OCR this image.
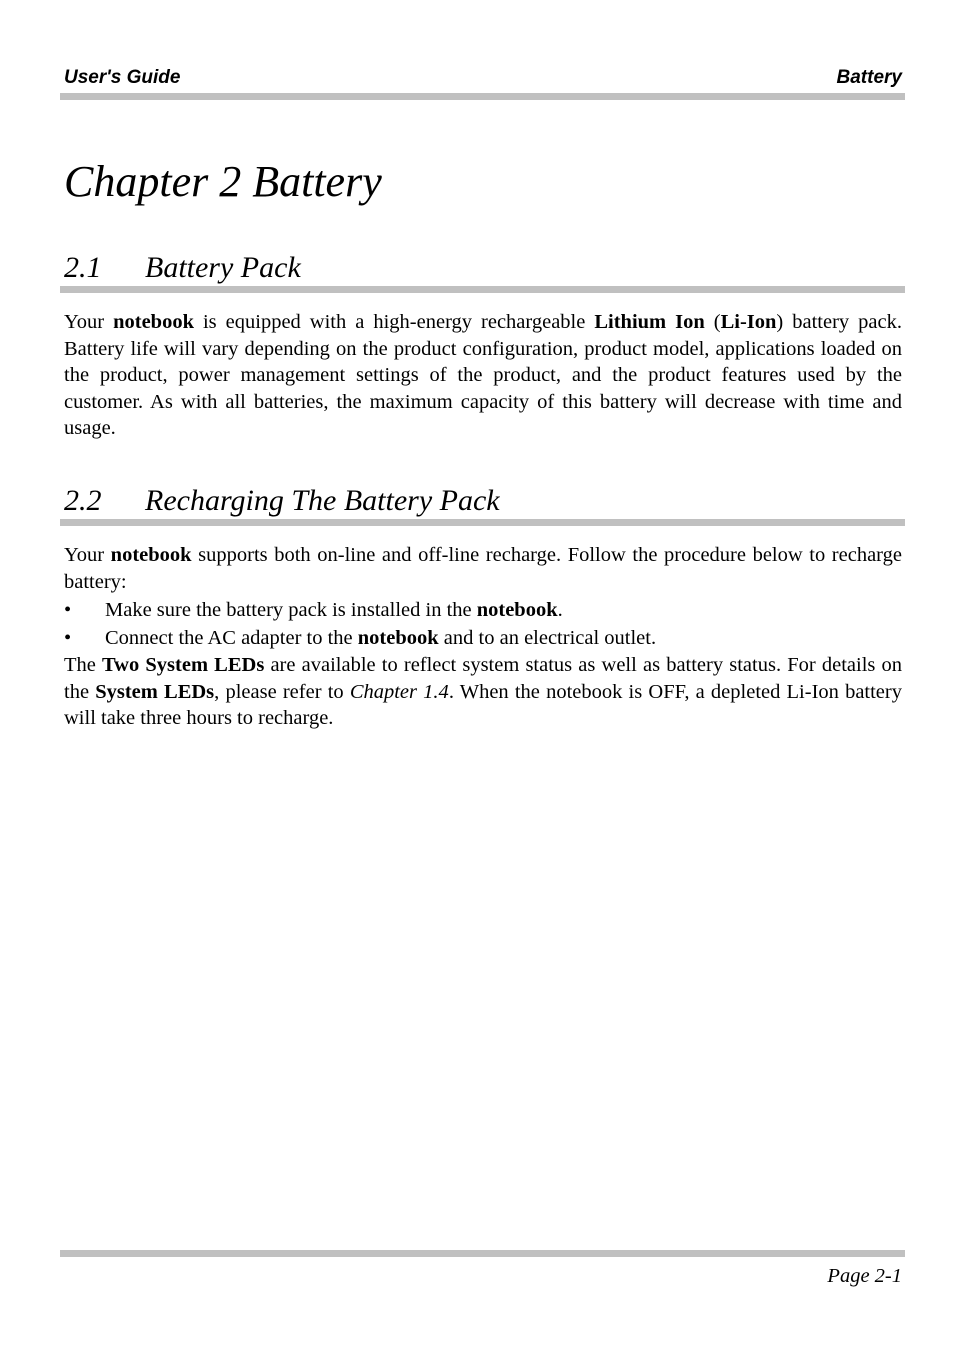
User's Guide	Battery
Chapter 2 Battery
2.1 Battery Pack

Your notebook is equipped with a high-energy rechargeable Lithium Ion (Li-Ion) battery pack. Battery life will vary depending on the product configuration, product model, applications loaded on the product, power management settings of the product, and the product features used by the customer. As with all batteries, the maximum capacity of this battery will decrease with time and usage.

2.2 Recharging The Battery Pack

Your notebook supports both on-line and off-line recharge. Follow the procedure below to recharge battery:

•	Make sure the battery pack is installed in the notebook.
•	Connect the AC adapter to the notebook and to an electrical outlet.

The Two System LEDs are available to reflect system status as well as battery status. For details on the System LEDs, please refer to Chapter 1.4. When the notebook is OFF, a depleted Li-Ion battery will take three hours to recharge.

Page 2-1
